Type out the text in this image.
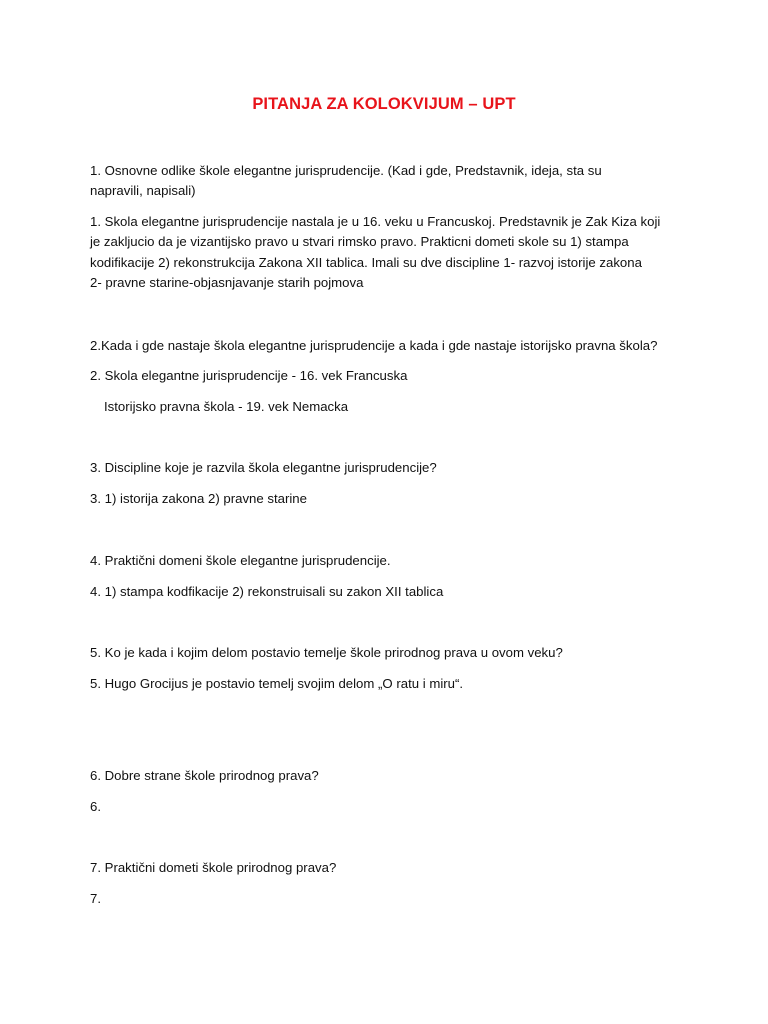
PITANJA ZA KOLOKVIJUM – UPT
1. Osnovne odlike škole elegantne jurisprudencije. (Kad i gde, Predstavnik, ideja, sta su
napravili, napisali)
1. Skola elegantne jurisprudencije nastala je u 16. veku u Francuskoj. Predstavnik je Zak Kiza koji
je zakljucio da je vizantijsko pravo u stvari rimsko pravo. Prakticni dometi skole su 1) stampa
kodifikacije 2) rekonstrukcija Zakona XII tablica. Imali su dve discipline 1- razvoj istorije zakona
2- pravne starine-objasnjavanje starih pojmova
2.Kada i gde nastaje škola elegantne jurisprudencije a kada i gde nastaje istorijsko pravna škola?
2. Skola elegantne jurisprudencije - 16. vek Francuska
Istorijsko pravna škola - 19. vek Nemacka
3. Discipline koje je razvila škola elegantne jurisprudencije?
3. 1) istorija zakona 2) pravne starine
4. Praktični domeni škole elegantne jurisprudencije.
4. 1) stampa kodfikacije 2) rekonstruisali su zakon XII tablica
5. Ko je kada i kojim delom postavio temelje škole prirodnog prava u ovom veku?
5. Hugo Grocijus je postavio temelj svojim delom „O ratu i miru“.
6. Dobre strane škole prirodnog prava?
6.
7. Praktični dometi škole prirodnog prava?
7.
